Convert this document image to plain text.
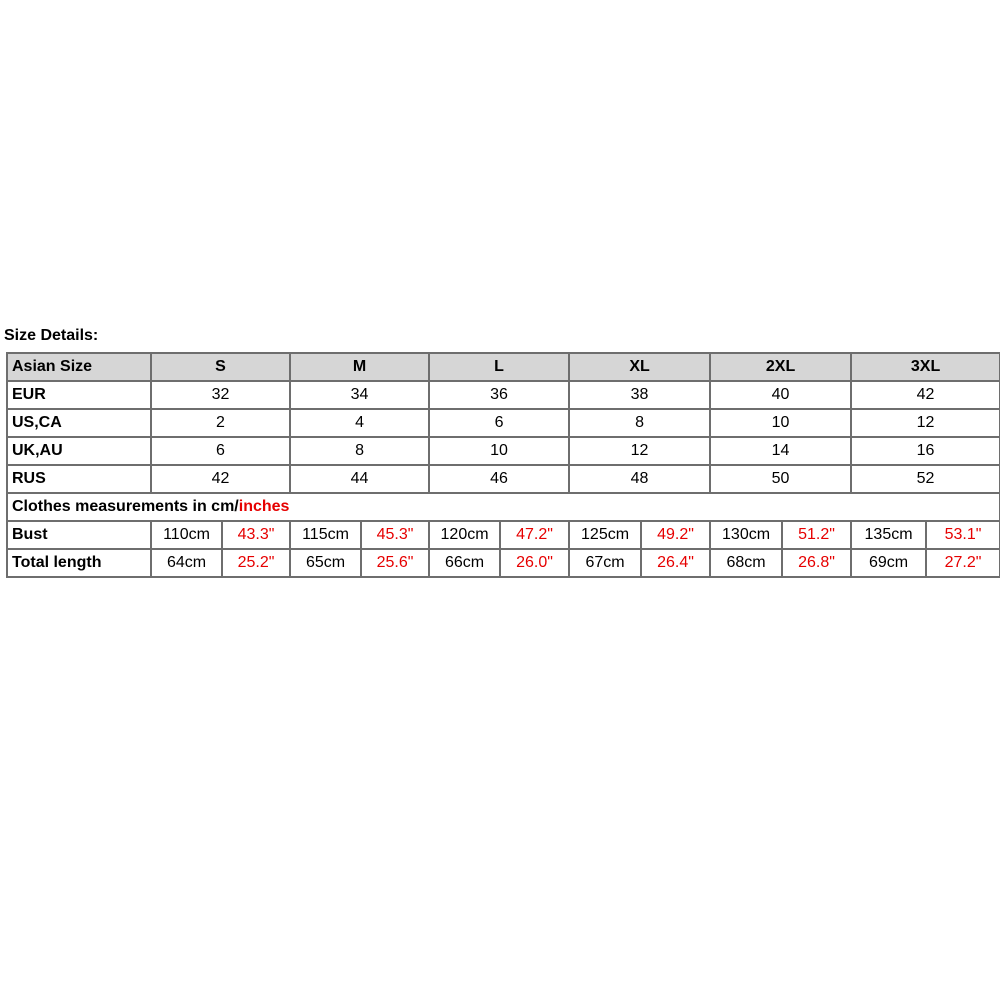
Size Details:
Asian Size	S		M		L		XL		2XL		3XL	
EUR	32		34		36		38		40		42	
US,CA	2		4		6		8		10		12	
UK,AU	6		8		10		12		14		16	
RUS	42		44		46		48		50		52	
Clothes measurements in cm/inches												
Bust	110cm	43.3"	115cm	45.3"	120cm	47.2"	125cm	49.2"	130cm	51.2"	135cm	53.1"
Total length	64cm	25.2"	65cm	25.6"	66cm	26.0"	67cm	26.4"	68cm	26.8"	69cm	27.2"
